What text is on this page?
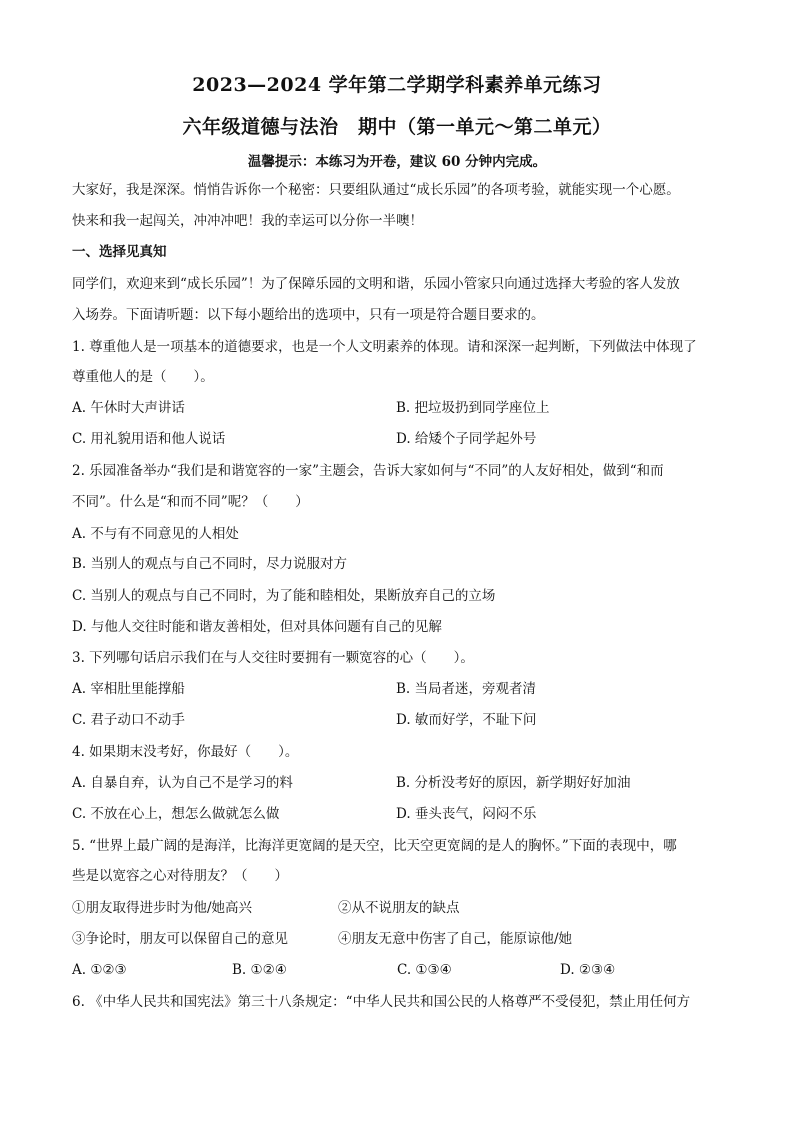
2023—2024 学年第二学期学科素养单元练习
六年级道德与法治　期中（第一单元～第二单元）
温馨提示：本练习为开卷，建议 60 分钟内完成。
大家好，我是深深。悄悄告诉你一个秘密：只要组队通过“成长乐园”的各项考验，就能实现一个心愿。
快来和我一起闯关，冲冲冲吧！我的幸运可以分你一半噢！
一、选择见真知
同学们，欢迎来到“成长乐园”！为了保障乐园的文明和谐，乐园小管家只向通过选择大考验的客人发放
入场券。下面请听题：以下每小题给出的选项中，只有一项是符合题目要求的。
1. 尊重他人是一项基本的道德要求，也是一个人文明素养的体现。请和深深一起判断，下列做法中体现了
尊重他人的是（　　）。
A. 午休时大声讲话	B. 把垃圾扔到同学座位上
C. 用礼貌用语和他人说话	D. 给矮个子同学起外号
2. 乐园准备举办“我们是和谐宽容的一家”主题会，告诉大家如何与“不同”的人友好相处，做到“和而
不同”。什么是“和而不同”呢？（　　）
A. 不与有不同意见的人相处
B. 当别人的观点与自己不同时，尽力说服对方
C. 当别人的观点与自己不同时，为了能和睦相处，果断放弃自己的立场
D. 与他人交往时能和谐友善相处，但对具体问题有自己的见解
3. 下列哪句话启示我们在与人交往时要拥有一颗宽容的心（　　）。
A. 宰相肚里能撑船	B. 当局者迷，旁观者清
C. 君子动口不动手	D. 敏而好学，不耻下问
4. 如果期末没考好，你最好（　　）。
A. 自暴自弃，认为自己不是学习的料	B. 分析没考好的原因，新学期好好加油
C. 不放在心上，想怎么做就怎么做	D. 垂头丧气，闷闷不乐
5. “世界上最广阔的是海洋，比海洋更宽阔的是天空，比天空更宽阔的是人的胸怀。”下面的表现中，哪
些是以宽容之心对待朋友？（　　）
①朋友取得进步时为他/她高兴	②从不说朋友的缺点
③争论时，朋友可以保留自己的意见	④朋友无意中伤害了自己，能原谅他/她
A. ①②③	B. ①②④	C. ①③④	D. ②③④
6. 《中华人民共和国宪法》第三十八条规定：“中华人民共和国公民的人格尊严不受侵犯，禁止用任何方
